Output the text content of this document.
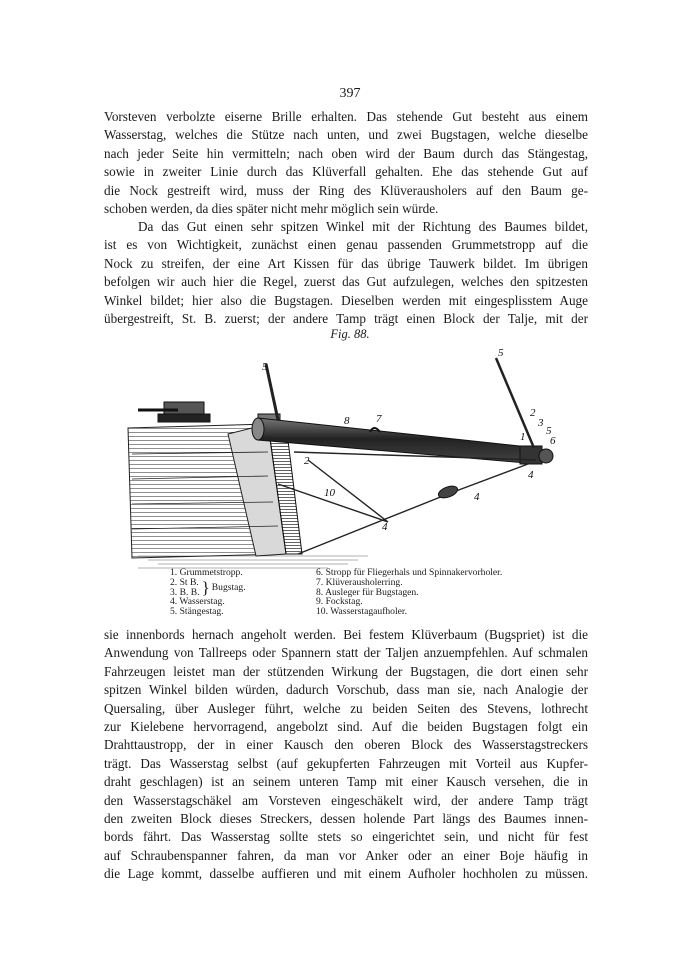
397
Vorsteven verbolzte eiserne Brille erhalten. Das stehende Gut besteht aus einem
Wasserstag, welches die Stütze nach unten, und zwei Bugstagen, welche dieselbe
nach jeder Seite hin vermitteln; nach oben wird der Baum durch das Stängestag,
sowie in zweiter Linie durch das Klüverfall gehalten. Ehe das stehende Gut auf
die Nock gestreift wird, muss der Ring des Klüverausholers auf den Baum ge-
schoben werden, da dies später nicht mehr möglich sein würde.
Da das Gut einen sehr spitzen Winkel mit der Richtung des Baumes bildet,
ist es von Wichtigkeit, zunächst einen genau passenden Grummetstropp auf die
Nock zu streifen, der eine Art Kissen für das übrige Tauwerk bildet. Im übrigen
befolgen wir auch hier die Regel, zuerst das Gut aufzulegen, welches den spitzesten
Winkel bildet; hier also die Bugstagen. Dieselben werden mit eingesplisstem Auge
übergestreift, St. B. zuerst; der andere Tamp trägt einen Block der Talje, mit der
Fig. 88.
5
5
8 7	2
3
5
6
1
4
2
10	4
4
1. Grummetstropp.
2. St B.
3. B. B. } Bugstag.
4. Wasserstag.
5. Stängestag.
6. Stropp für Fliegerhals und Spinnakervorholer.
7. Klüverausholerring.
8. Ausleger für Bugstagen.
9. Fockstag.
10. Wasserstagaufholer.
sie innenbords hernach angeholt werden. Bei festem Klüverbaum (Bugspriet) ist die
Anwendung von Tallreeps oder Spannern statt der Taljen anzuempfehlen. Auf schmalen
Fahrzeugen leistet man der stützenden Wirkung der Bugstagen, die dort einen sehr
spitzen Winkel bilden würden, dadurch Vorschub, dass man sie, nach Analogie der
Quersaling, über Ausleger führt, welche zu beiden Seiten des Stevens, lothrecht
zur Kielebene hervorragend, angebolzt sind. Auf die beiden Bugstagen folgt ein
Drahttaustropp, der in einer Kausch den oberen Block des Wasserstagstreckers
trägt. Das Wasserstag selbst (auf gekupferten Fahrzeugen mit Vorteil aus Kupfer-
draht geschlagen) ist an seinem unteren Tamp mit einer Kausch versehen, die in
den Wasserstagschäkel am Vorsteven eingeschäkelt wird, der andere Tamp trägt
den zweiten Block dieses Streckers, dessen holende Part längs des Baumes innen-
bords fährt. Das Wasserstag sollte stets so eingerichtet sein, und nicht für fest
auf Schraubenspanner fahren, da man vor Anker oder an einer Boje häufig in
die Lage kommt, dasselbe auffieren und mit einem Aufholer hochholen zu müssen.
